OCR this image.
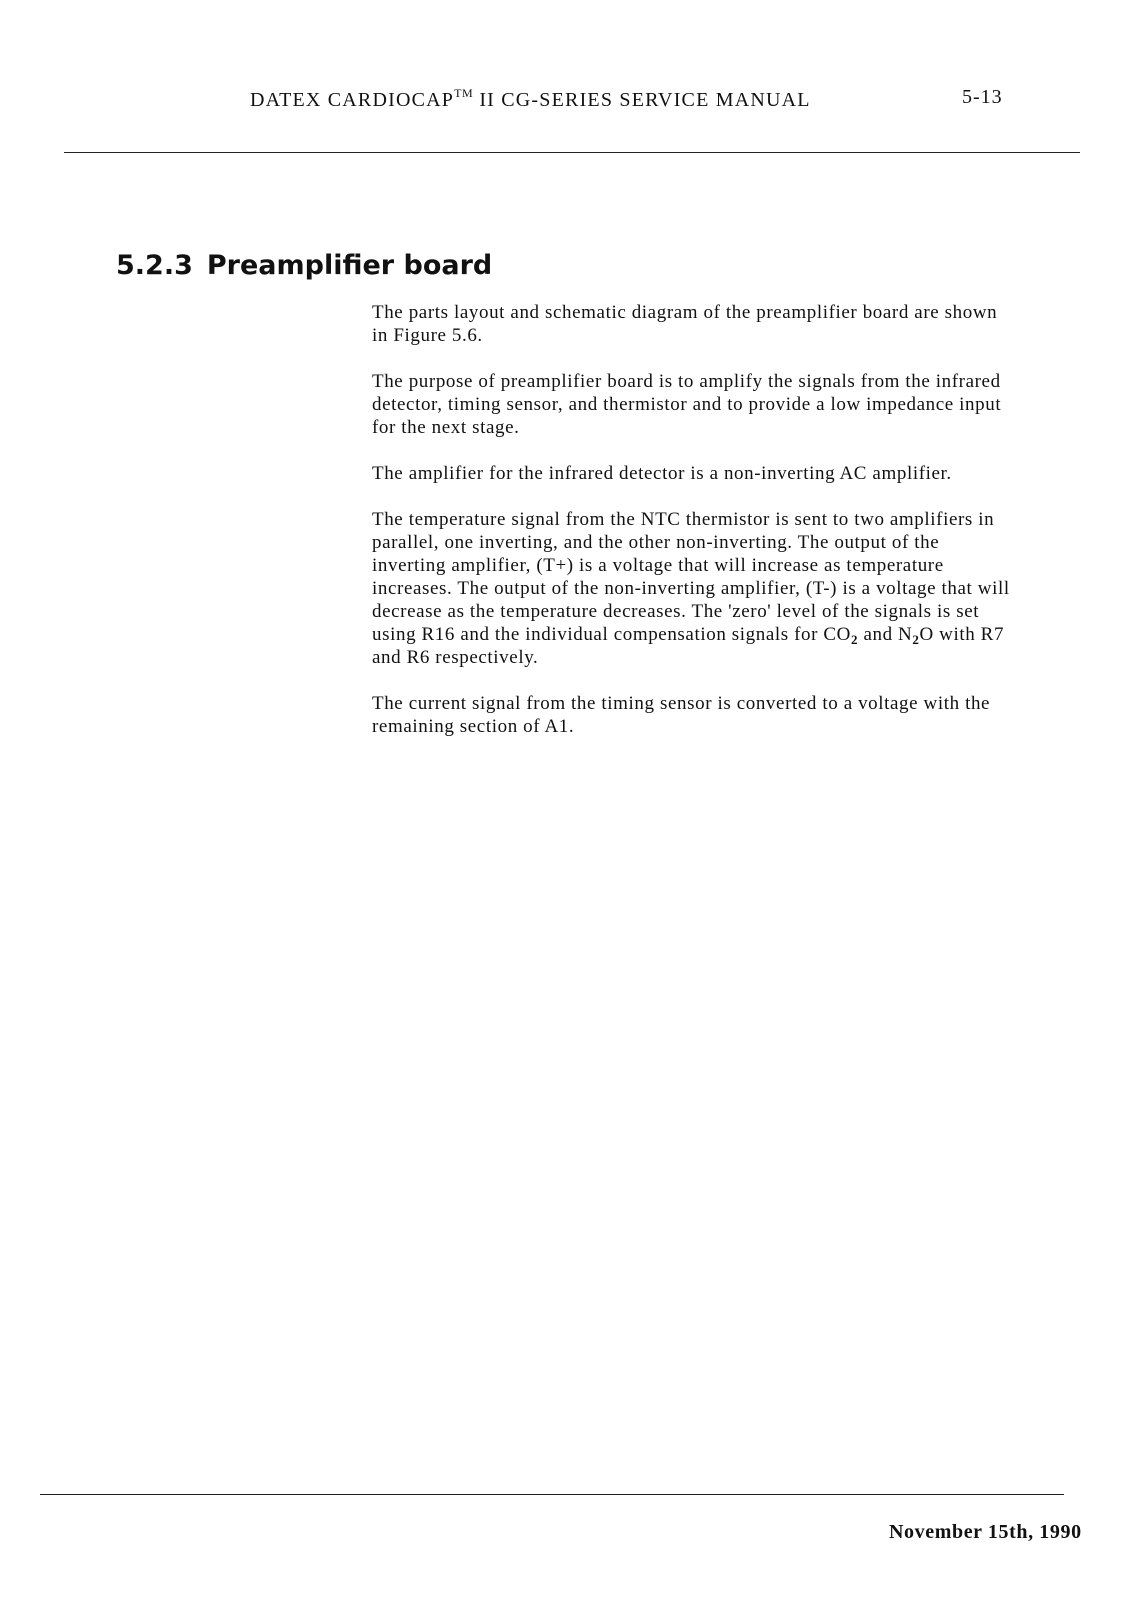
DATEX CARDIOCAP™ II CG-SERIES SERVICE MANUAL	5-13
5.2.3 Preamplifier board

The parts layout and schematic diagram of the preamplifier board are shown in Figure 5.6.

The purpose of preamplifier board is to amplify the signals from the infrared detector, timing sensor, and thermistor and to provide a low impedance input for the next stage.

The amplifier for the infrared detector is a non-inverting AC amplifier.

The temperature signal from the NTC thermistor is sent to two amplifiers in parallel, one inverting, and the other non-inverting. The output of the inverting amplifier, (T+) is a voltage that will increase as temperature increases. The output of the non-inverting amplifier, (T-) is a voltage that will decrease as the temperature decreases. The 'zero' level of the signals is set using R16 and the individual compensation signals for $CO_2$ and $N_2O$ with R7 and R6 respectively.

The current signal from the timing sensor is converted to a voltage with the remaining section of A1.

November 15th, 1990
